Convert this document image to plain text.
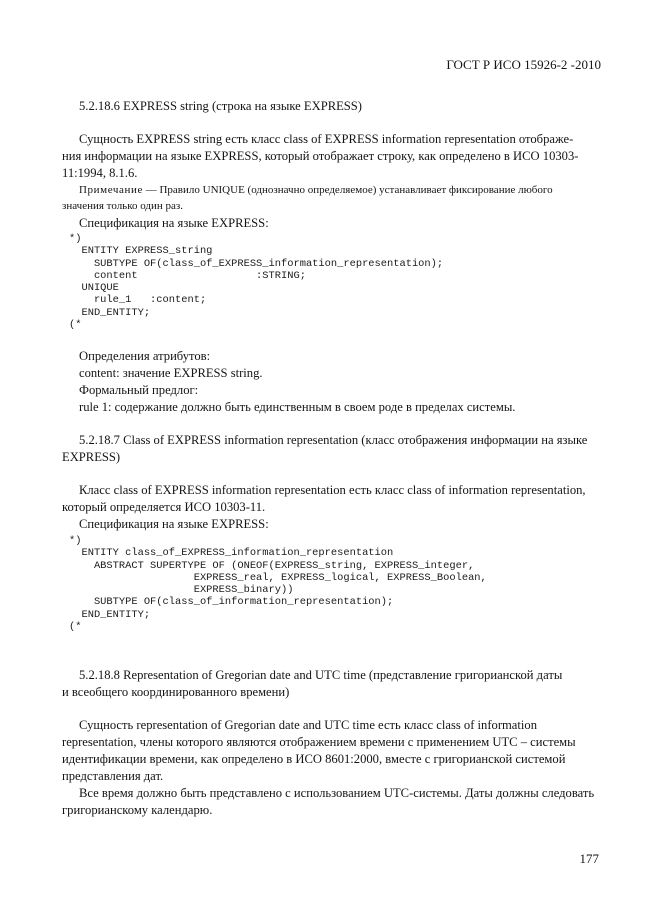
ГОСТ Р ИСО 15926-2 -2010
5.2.18.6 EXPRESS string (строка на языке EXPRESS)
Сущность EXPRESS string есть класс class of EXPRESS information representation отображе-
ния информации на языке EXPRESS, который отображает строку, как определено в ИСО 10303-
11:1994, 8.1.6.
Примечание — Правило UNIQUE (однозначно определяемое) устанавливает фиксирование любого
значения только один раз.
Спецификация на языке EXPRESS:
*)
ENTITY EXPRESS_string
SUBTYPE OF(class_of_EXPRESS_information_representation);
content                   :STRING;
UNIQUE
rule_1   :content;
END_ENTITY;
(*
Определения атрибутов:
content: значение EXPRESS string.
Формальный предлог:
rule 1: содержание должно быть единственным в своем роде в пределах системы.
5.2.18.7 Class of EXPRESS information representation (класс отображения информации на языке
EXPRESS)
Класс class of EXPRESS information representation есть класс class of information representation,
который определяется ИСО 10303-11.
Спецификация на языке EXPRESS:
*)
ENTITY class_of_EXPRESS_information_representation
ABSTRACT SUPERTYPE OF (ONEOF(EXPRESS_string, EXPRESS_integer,
EXPRESS_real, EXPRESS_logical, EXPRESS_Boolean,
EXPRESS_binary))
SUBTYPE OF(class_of_information_representation);
END_ENTITY;
(*
5.2.18.8 Representation of Gregorian date and UTC time (представление григорианской даты
и всеобщего координированного времени)
Сущность representation of Gregorian date and UTC time есть класс class of information
representation, члены которого являются отображением времени с применением UTC – системы
идентификации времени, как определено в ИСО 8601:2000, вместе с григорианской системой
представления дат.
Все время должно быть представлено с использованием UTC-системы. Даты должны следовать
григорианскому календарю.
177
